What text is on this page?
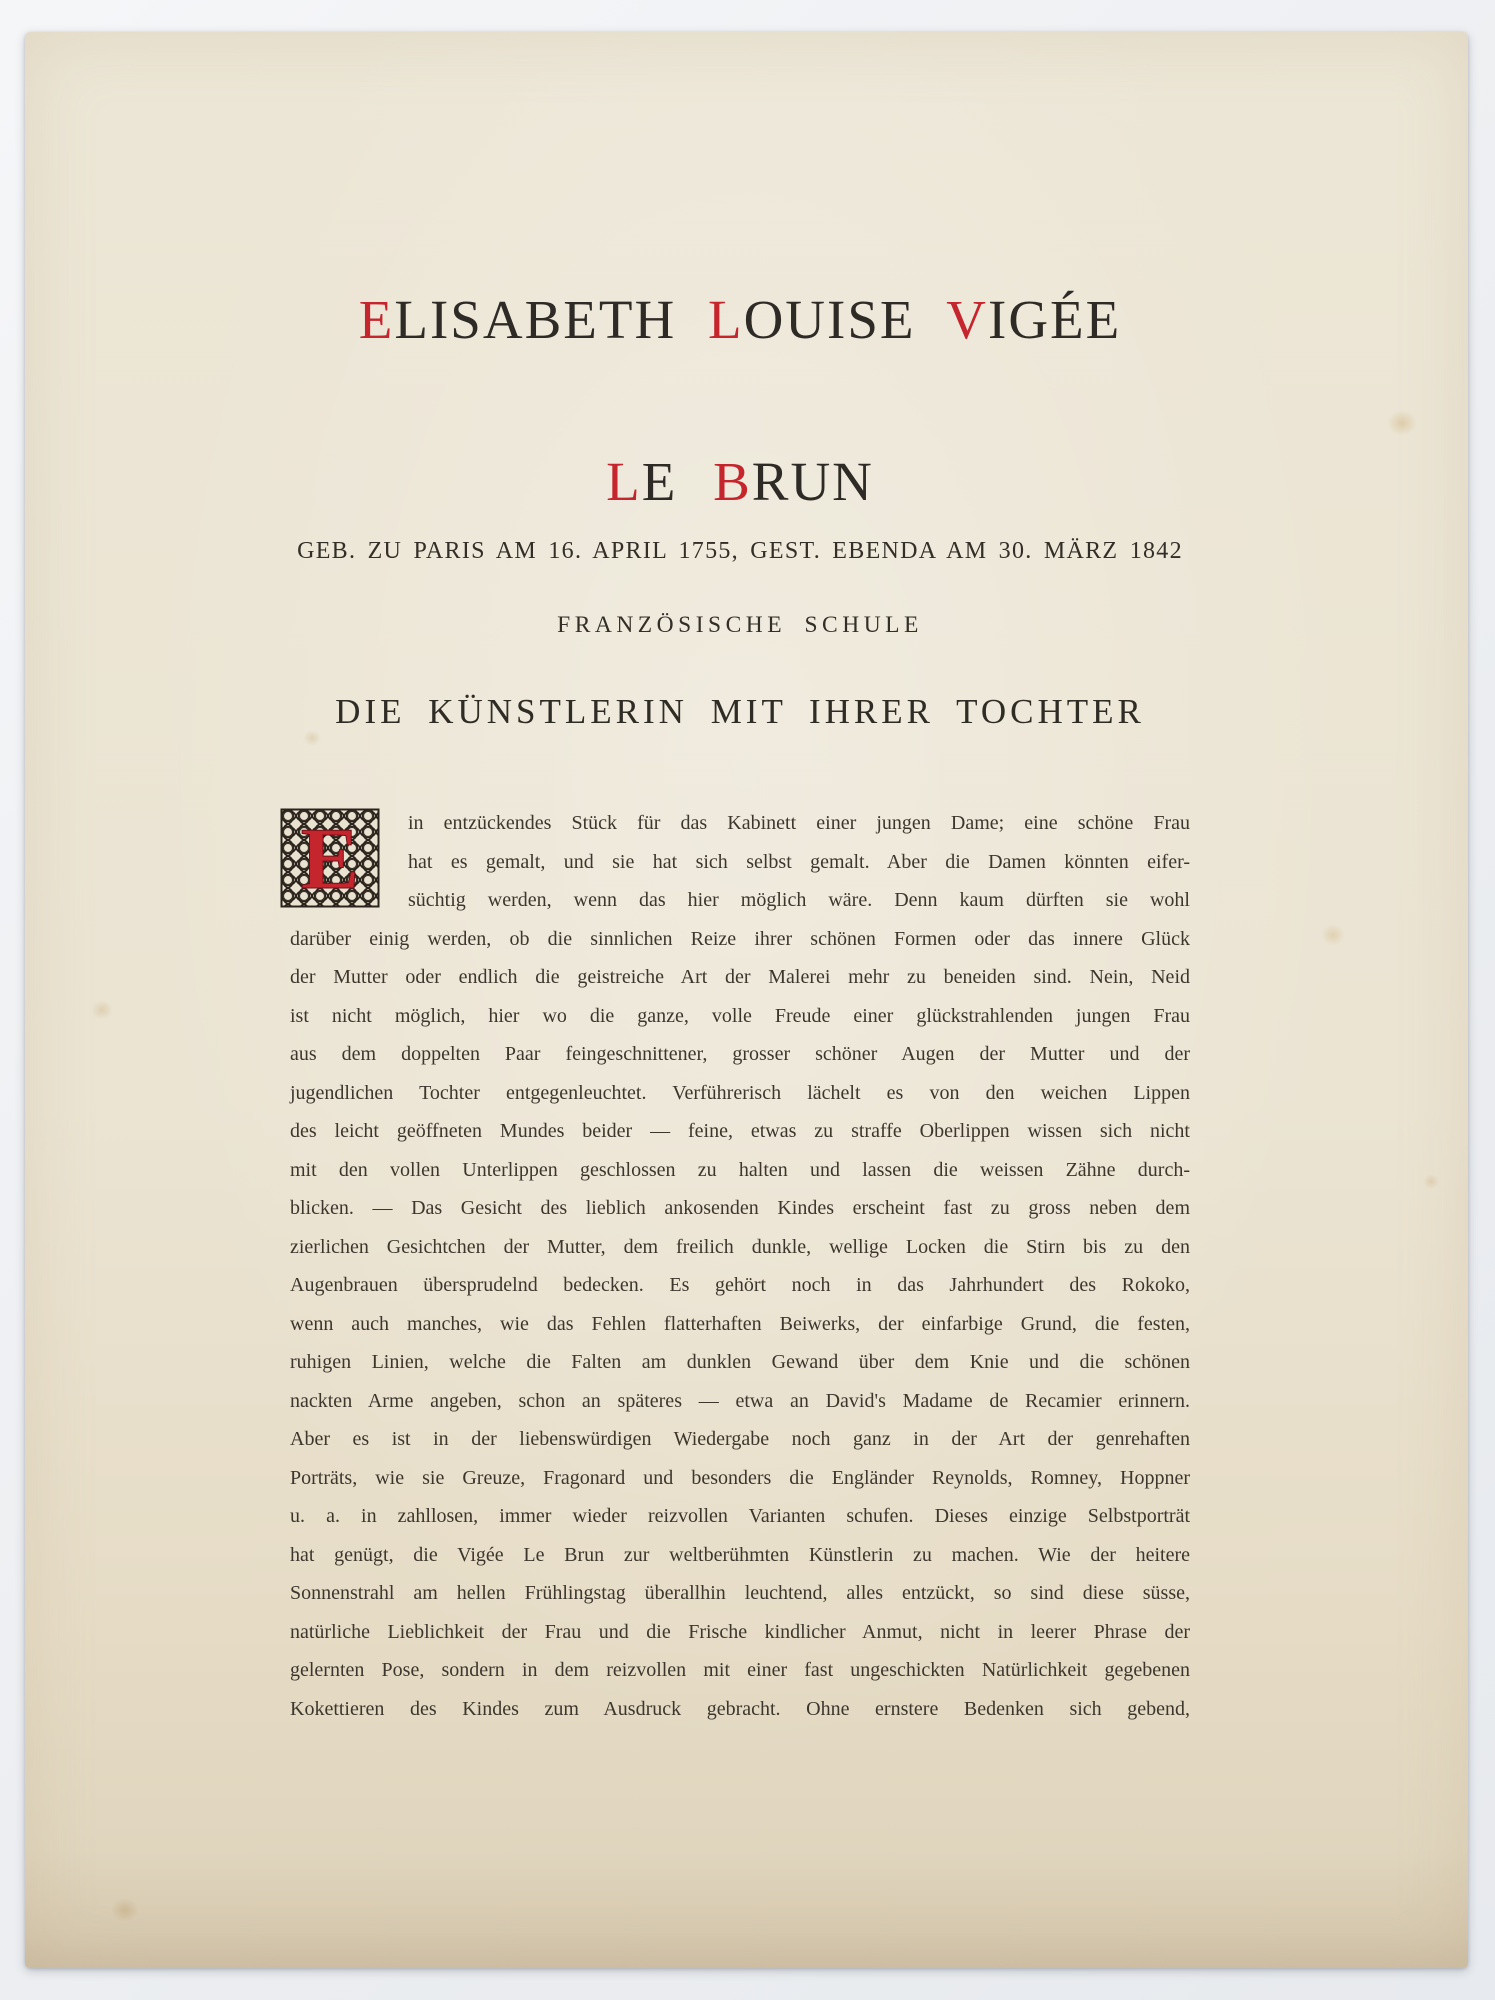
ELISABETH LOUISE VIGÉE
LE BRUN
GEB. ZU PARIS AM 16. APRIL 1755, GEST. EBENDA AM 30. MÄRZ 1842
FRANZÖSISCHE SCHULE
DIE KÜNSTLERIN MIT IHRER TOCHTER
E	in entzückendes Stück für das Kabinett einer jungen Dame; eine schöne Frau
hat es gemalt, und sie hat sich selbst gemalt. Aber die Damen könnten eifer-
süchtig werden, wenn das hier möglich wäre. Denn kaum dürften sie wohl
darüber einig werden, ob die sinnlichen Reize ihrer schönen Formen oder das innere Glück
der Mutter oder endlich die geistreiche Art der Malerei mehr zu beneiden sind. Nein, Neid
ist nicht möglich, hier wo die ganze, volle Freude einer glückstrahlenden jungen Frau
aus dem doppelten Paar feingeschnittener, grosser schöner Augen der Mutter und der
jugendlichen Tochter entgegenleuchtet. Verführerisch lächelt es von den weichen Lippen
des leicht geöffneten Mundes beider — feine, etwas zu straffe Oberlippen wissen sich nicht
mit den vollen Unterlippen geschlossen zu halten und lassen die weissen Zähne durch-
blicken. — Das Gesicht des lieblich ankosenden Kindes erscheint fast zu gross neben dem
zierlichen Gesichtchen der Mutter, dem freilich dunkle, wellige Locken die Stirn bis zu den
Augenbrauen übersprudelnd bedecken. Es gehört noch in das Jahrhundert des Rokoko,
wenn auch manches, wie das Fehlen flatterhaften Beiwerks, der einfarbige Grund, die festen,
ruhigen Linien, welche die Falten am dunklen Gewand über dem Knie und die schönen
nackten Arme angeben, schon an späteres — etwa an David's Madame de Recamier erinnern.
Aber es ist in der liebenswürdigen Wiedergabe noch ganz in der Art der genrehaften
Porträts, wie sie Greuze, Fragonard und besonders die Engländer Reynolds, Romney, Hoppner
u. a. in zahllosen, immer wieder reizvollen Varianten schufen. Dieses einzige Selbstporträt
hat genügt, die Vigée Le Brun zur weltberühmten Künstlerin zu machen. Wie der heitere
Sonnenstrahl am hellen Frühlingstag überallhin leuchtend, alles entzückt, so sind diese süsse,
natürliche Lieblichkeit der Frau und die Frische kindlicher Anmut, nicht in leerer Phrase der
gelernten Pose, sondern in dem reizvollen mit einer fast ungeschickten Natürlichkeit gegebenen
Kokettieren des Kindes zum Ausdruck gebracht. Ohne ernstere Bedenken sich gebend,
